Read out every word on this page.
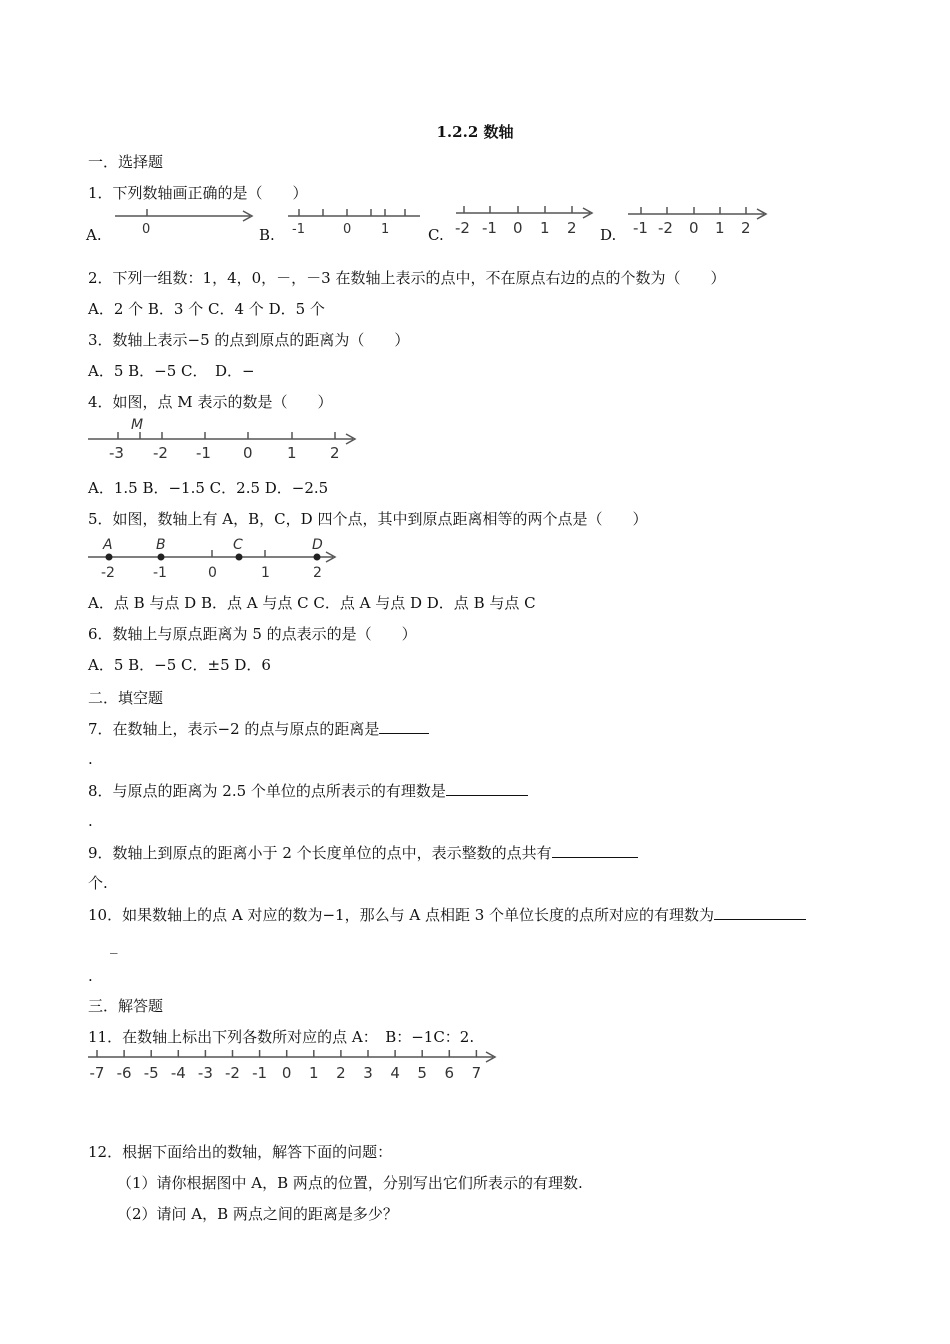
1.2.2 数轴
一．选择题
1．下列数轴画正确的是（　　）
A.	B.	C.	D.
0	-1	0 1	-2 -1 0 1 2	-1 -2 0 1 2
M
-3 -2 -1 0 1 2
A	B	C	D
-2	-1	0	1	2
-7 -6 -5 -4 -3 -2 -1 0 1 2 3 4 5 6 7
2．下列一组数：1，4，0，－，－3 在数轴上表示的点中，不在原点右边的点的个数为（　　）
A．2 个 B．3 个 C．4 个 D．5 个
3．数轴上表示−5 的点到原点的距离为（　　）
A．5 B．−5 C．　D．−
4．如图，点 M 表示的数是（　　）
A．1.5 B．−1.5 C．2.5 D．−2.5
5．如图，数轴上有 A，B，C，D 四个点，其中到原点距离相等的两个点是（　　）
A．点 B 与点 D B．点 A 与点 C C．点 A 与点 D D．点 B 与点 C
6．数轴上与原点距离为 5 的点表示的是（　　）
A．5 B．−5 C．±5 D．6
二．填空题
7．在数轴上，表示−2 的点与原点的距离是
.
8．与原点的距离为 2.5 个单位的点所表示的有理数是
.
9．数轴上到原点的距离小于 2 个长度单位的点中，表示整数的点共有
个.
10．如果数轴上的点 A 对应的数为−1，那么与 A 点相距 3 个单位长度的点所对应的有理数为
_
.
三．解答题
11．在数轴上标出下列各数所对应的点 A：　B：−1C：2.
12．根据下面给出的数轴，解答下面的问题：
（1）请你根据图中 A，B 两点的位置，分别写出它们所表示的有理数.
（2）请问 A，B 两点之间的距离是多少？
